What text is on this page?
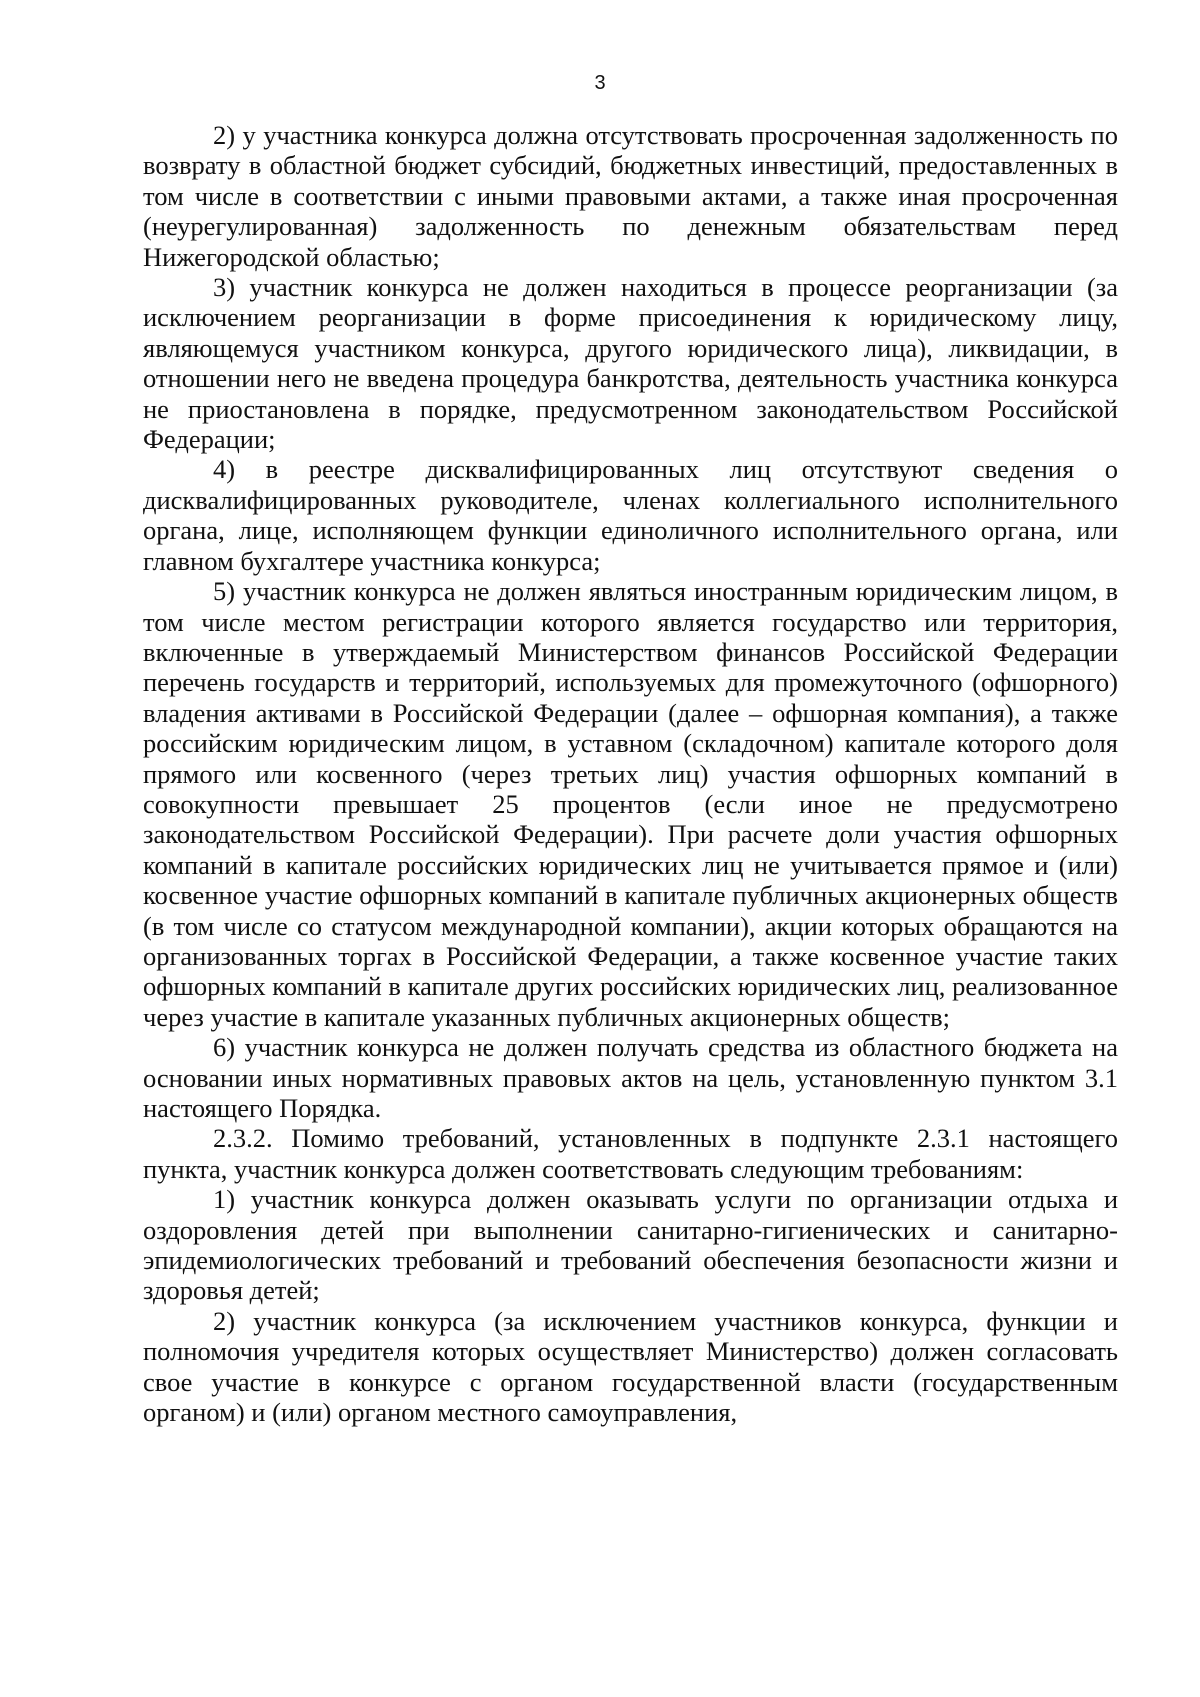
3

2) у участника конкурса должна отсутствовать просроченная задолженность по возврату в областной бюджет субсидий, бюджетных инвестиций, предоставленных в том числе в соответствии с иными правовыми актами, а также иная просроченная (неурегулированная) задолженность по денежным обязательствам перед Нижегородской областью;

3) участник конкурса не должен находиться в процессе реорганизации (за исключением реорганизации в форме присоединения к юридическому лицу, являющемуся участником конкурса, другого юридического лица), ликвидации, в отношении него не введена процедура банкротства, деятельность участника конкурса не приостановлена в порядке, предусмотренном законодательством Российской Федерации;

4) в реестре дисквалифицированных лиц отсутствуют сведения о дисквалифицированных руководителе, членах коллегиального исполнительного органа, лице, исполняющем функции единоличного исполнительного органа, или главном бухгалтере участника конкурса;

5) участник конкурса не должен являться иностранным юридическим лицом, в том числе местом регистрации которого является государство или территория, включенные в утверждаемый Министерством финансов Российской Федерации перечень государств и территорий, используемых для промежуточного (офшорного) владения активами в Российской Федерации (далее – офшорная компания), а также российским юридическим лицом, в уставном (складочном) капитале которого доля прямого или косвенного (через третьих лиц) участия офшорных компаний в совокупности превышает 25 процентов (если иное не предусмотрено законодательством Российской Федерации). При расчете доли участия офшорных компаний в капитале российских юридических лиц не учитывается прямое и (или) косвенное участие офшорных компаний в капитале публичных акционерных обществ (в том числе со статусом международной компании), акции которых обращаются на организованных торгах в Российской Федерации, а также косвенное участие таких офшорных компаний в капитале других российских юридических лиц, реализованное через участие в капитале указанных публичных акционерных обществ;

6) участник конкурса не должен получать средства из областного бюджета на основании иных нормативных правовых актов на цель, установленную пунктом 3.1 настоящего Порядка.

2.3.2. Помимо требований, установленных в подпункте 2.3.1 настоящего пункта, участник конкурса должен соответствовать следующим требованиям:

1) участник конкурса должен оказывать услуги по организации отдыха и оздоровления детей при выполнении санитарно-гигиенических и санитарно-эпидемиологических требований и требований обеспечения безопасности жизни и здоровья детей;

2) участник конкурса (за исключением участников конкурса, функции и полномочия учредителя которых осуществляет Министерство) должен согласовать свое участие в конкурсе с органом государственной власти (государственным органом) и (или) органом местного самоуправления,
